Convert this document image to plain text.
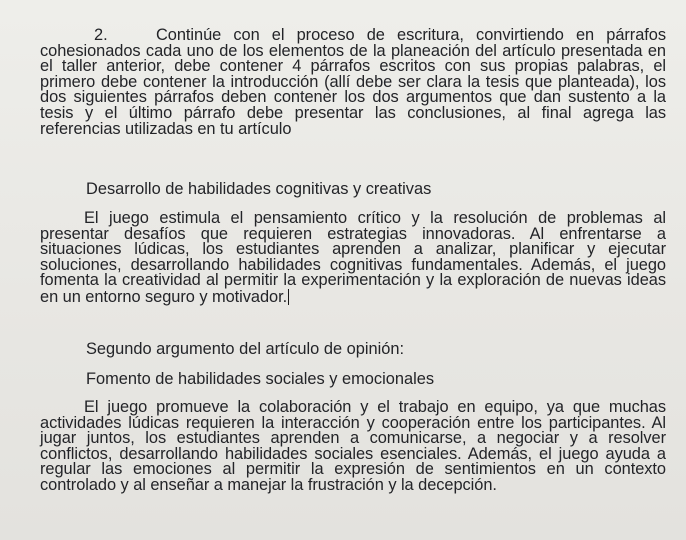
2.	Continúe con el proceso de escritura, convirtiendo en párrafos cohesionados cada uno de los elementos de la planeación del artículo presentada en el taller anterior, debe contener 4 párrafos escritos con sus propias palabras, el primero debe contener la introducción (allí debe ser clara la tesis que planteada), los dos siguientes párrafos deben contener los dos argumentos que dan sustento a la tesis y el último párrafo debe presentar las conclusiones, al final agrega las referencias utilizadas en tu artículo
Desarrollo de habilidades cognitivas y creativas
El juego estimula el pensamiento crítico y la resolución de problemas al presentar desafíos que requieren estrategias innovadoras. Al enfrentarse a situaciones lúdicas, los estudiantes aprenden a analizar, planificar y ejecutar soluciones, desarrollando habilidades cognitivas fundamentales. Además, el juego fomenta la creatividad al permitir la experimentación y la exploración de nuevas ideas en un entorno seguro y motivador.
Segundo argumento del artículo de opinión:
Fomento de habilidades sociales y emocionales
El juego promueve la colaboración y el trabajo en equipo, ya que muchas actividades lúdicas requieren la interacción y cooperación entre los participantes. Al jugar juntos, los estudiantes aprenden a comunicarse, a negociar y a resolver conflictos, desarrollando habilidades sociales esenciales. Además, el juego ayuda a regular las emociones al permitir la expresión de sentimientos en un contexto controlado y al enseñar a manejar la frustración y la decepción.
